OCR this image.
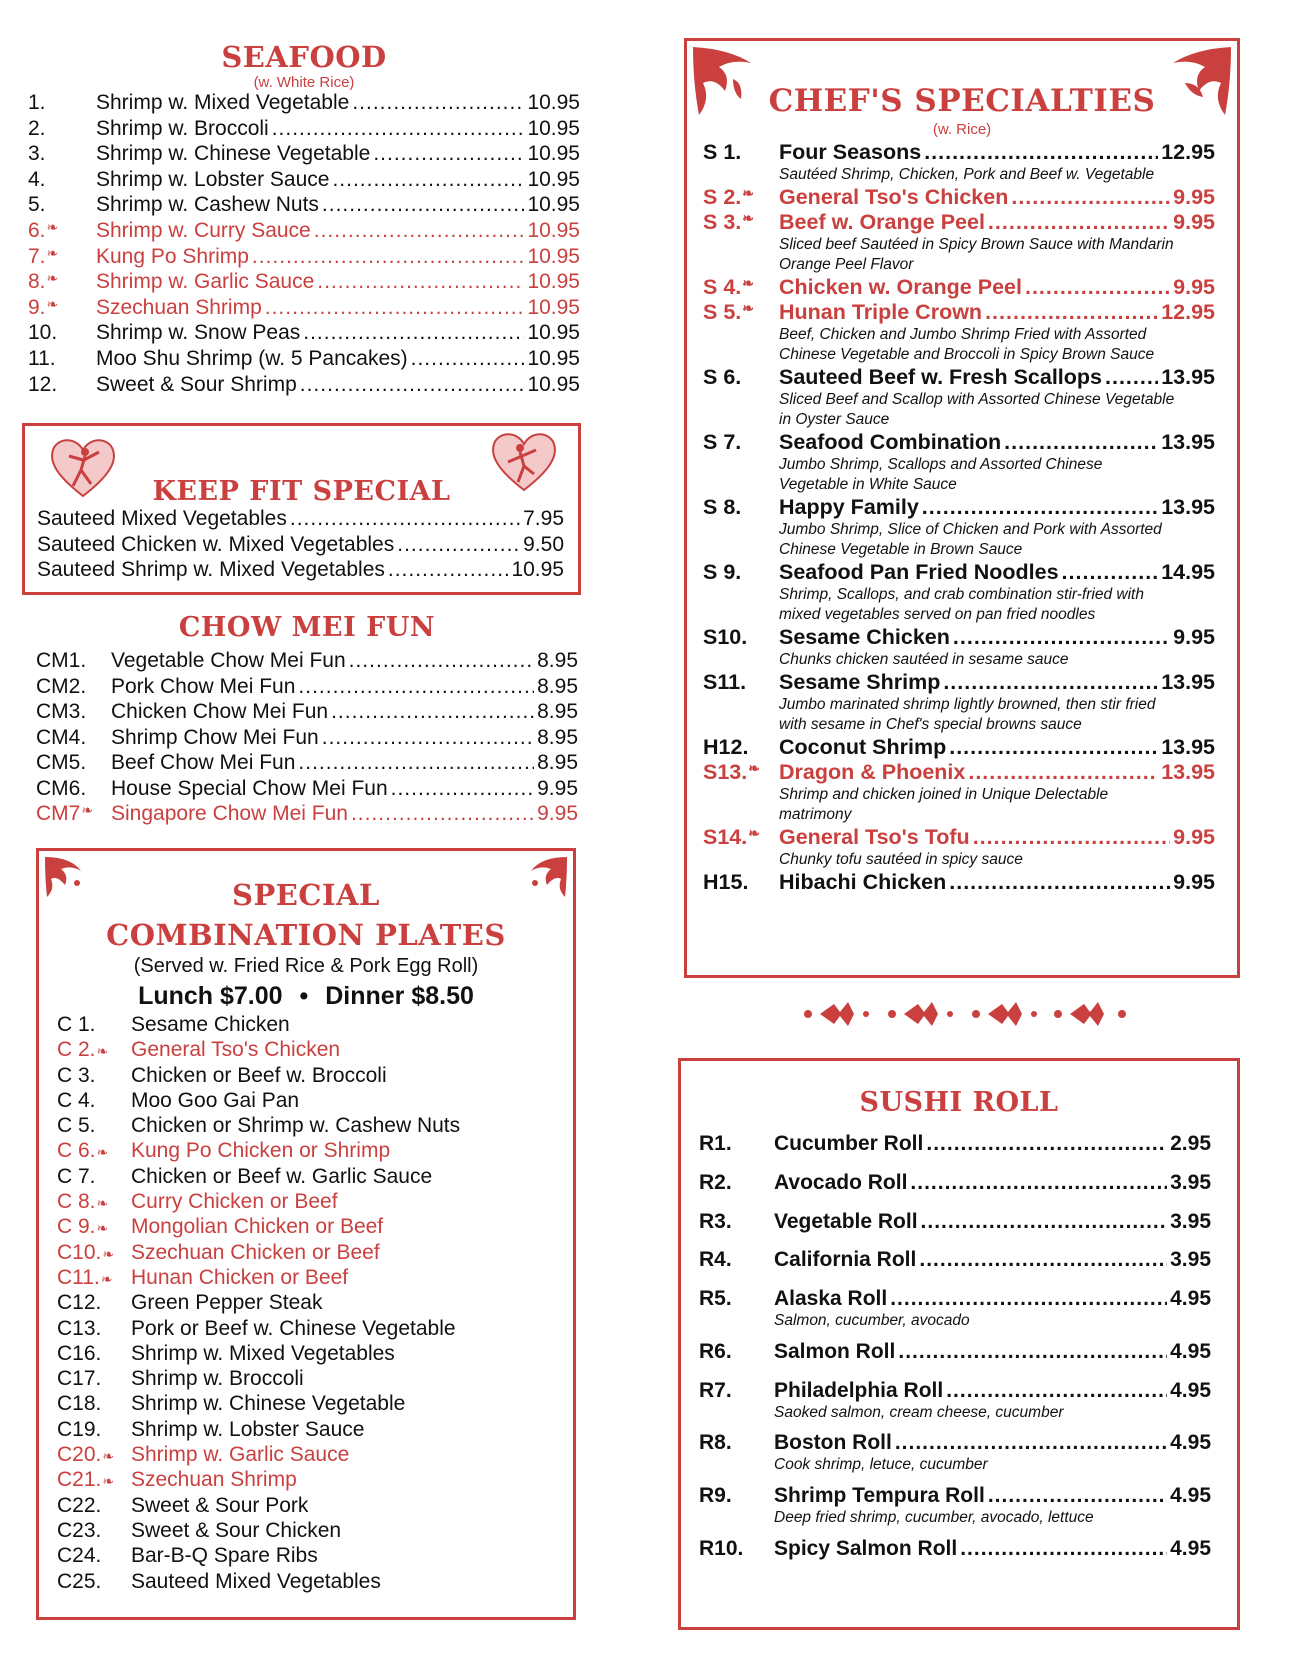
SEAFOOD
(w. White Rice)
1.	Shrimp w. Mixed Vegetable .....	10.95
2.	Shrimp w. Broccoli .....	10.95
3.	Shrimp w. Chinese Vegetable .....	10.95
4.	Shrimp w. Lobster Sauce .....	10.95
5.	Shrimp w. Cashew Nuts .....	10.95
6. ❧ Shrimp w. Curry Sauce .....	10.95
7. ❧ Kung Po Shrimp .....	10.95
8. ❧ Shrimp w. Garlic Sauce .....	10.95
9. ❧ Szechuan Shrimp .....	10.95
10.	Shrimp w. Snow Peas .....	10.95
11.	Moo Shu Shrimp (w. 5 Pancakes) .....	10.95
12.	Sweet & Sour Shrimp .....	10.95
KEEP FIT SPECIAL
Sauteed Mixed Vegetables .....	7.95
Sauteed Chicken w. Mixed Vegetables .....	9.50
Sauteed Shrimp w. Mixed Vegetables .....	10.95
CHOW MEI FUN
CM1.	Vegetable Chow Mei Fun .....	8.95
CM2.	Pork Chow Mei Fun .....	8.95
CM3.	Chicken Chow Mei Fun .....	8.95
CM4.	Shrimp Chow Mei Fun .....	8.95
CM5.	Beef Chow Mei Fun .....	8.95
CM6.	House Special Chow Mei Fun .....	9.95
CM7 ❧ Singapore Chow Mei Fun .....	9.95
SPECIAL
COMBINATION PLATES
(Served w. Fried Rice & Pork Egg Roll)
Lunch $7.00 • Dinner $8.50
C 1.	Sesame Chicken
C 2.❧	General Tso's Chicken
C 3.	Chicken or Beef w. Broccoli
C 4.	Moo Goo Gai Pan
C 5.	Chicken or Shrimp w. Cashew Nuts
C 6.❧	Kung Po Chicken or Shrimp
C 7.	Chicken or Beef w. Garlic Sauce
C 8.❧	Curry Chicken or Beef
C 9.❧	Mongolian Chicken or Beef
C10.❧ Szechuan Chicken or Beef
C11.❧ Hunan Chicken or Beef
C12.	Green Pepper Steak
C13.	Pork or Beef w. Chinese Vegetable
C16.	Shrimp w. Mixed Vegetables
C17.	Shrimp w. Broccoli
C18.	Shrimp w. Chinese Vegetable
C19.	Shrimp w. Lobster Sauce
C20.❧ Shrimp w. Garlic Sauce
C21.❧ Szechuan Shrimp
C22.	Sweet & Sour Pork
C23.	Sweet & Sour Chicken
C24.	Bar-B-Q Spare Ribs
C25.	Sauteed Mixed Vegetables
CHEF'S SPECIALTIES
(w. Rice)
S 1.	Four Seasons .....	12.95
Sautéed Shrimp, Chicken, Pork and Beef w. Vegetable
S 2. ❧ General Tso's Chicken .....	9.95
S 3. ❧ Beef w. Orange Peel .....	9.95
Sliced beef Sautéed in Spicy Brown Sauce with Mandarin Orange Peel Flavor
S 4. ❧ Chicken w. Orange Peel .....	9.95
S 5. ❧ Hunan Triple Crown .....	12.95
Beef, Chicken and Jumbo Shrimp Fried with Assorted Chinese Vegetable and Broccoli in Spicy Brown Sauce
S 6.	Sauteed Beef w. Fresh Scallops .....	13.95
Sliced Beef and Scallop with Assorted Chinese Vegetable in Oyster Sauce
S 7.	Seafood Combination .....	13.95
Jumbo Shrimp, Scallops and Assorted Chinese Vegetable in White Sauce
S 8.	Happy Family .....	13.95
Jumbo Shrimp, Slice of Chicken and Pork with Assorted Chinese Vegetable in Brown Sauce
S 9.	Seafood Pan Fried Noodles .....	14.95
Shrimp, Scallops, and crab combination stir-fried with mixed vegetables served on pan fried noodles
S10.	Sesame Chicken .....	9.95
Chunks chicken sautéed in sesame sauce
S11.	Sesame Shrimp .....	13.95
Jumbo marinated shrimp lightly browned, then stir fried with sesame in Chef's special browns sauce
H12.	Coconut Shrimp .....	13.95
S13. ❧ Dragon & Phoenix .....	13.95
Shrimp and chicken joined in Unique Delectable matrimony
S14. ❧ General Tso's Tofu .....	9.95
Chunky tofu sautéed in spicy sauce
H15.	Hibachi Chicken .....	9.95
SUSHI ROLL
R1.	Cucumber Roll .....	2.95
R2.	Avocado Roll .....	3.95
R3.	Vegetable Roll .....	3.95
R4.	California Roll .....	3.95
R5.	Alaska Roll .....	4.95
Salmon, cucumber, avocado
R6.	Salmon Roll .....	4.95
R7.	Philadelphia Roll .....	4.95
Saoked salmon, cream cheese, cucumber
R8.	Boston Roll .....	4.95
Cook shrimp, letuce, cucumber
R9.	Shrimp Tempura Roll .....	4.95
Deep fried shrimp, cucumber, avocado, lettuce
R10.	Spicy Salmon Roll .....	4.95
